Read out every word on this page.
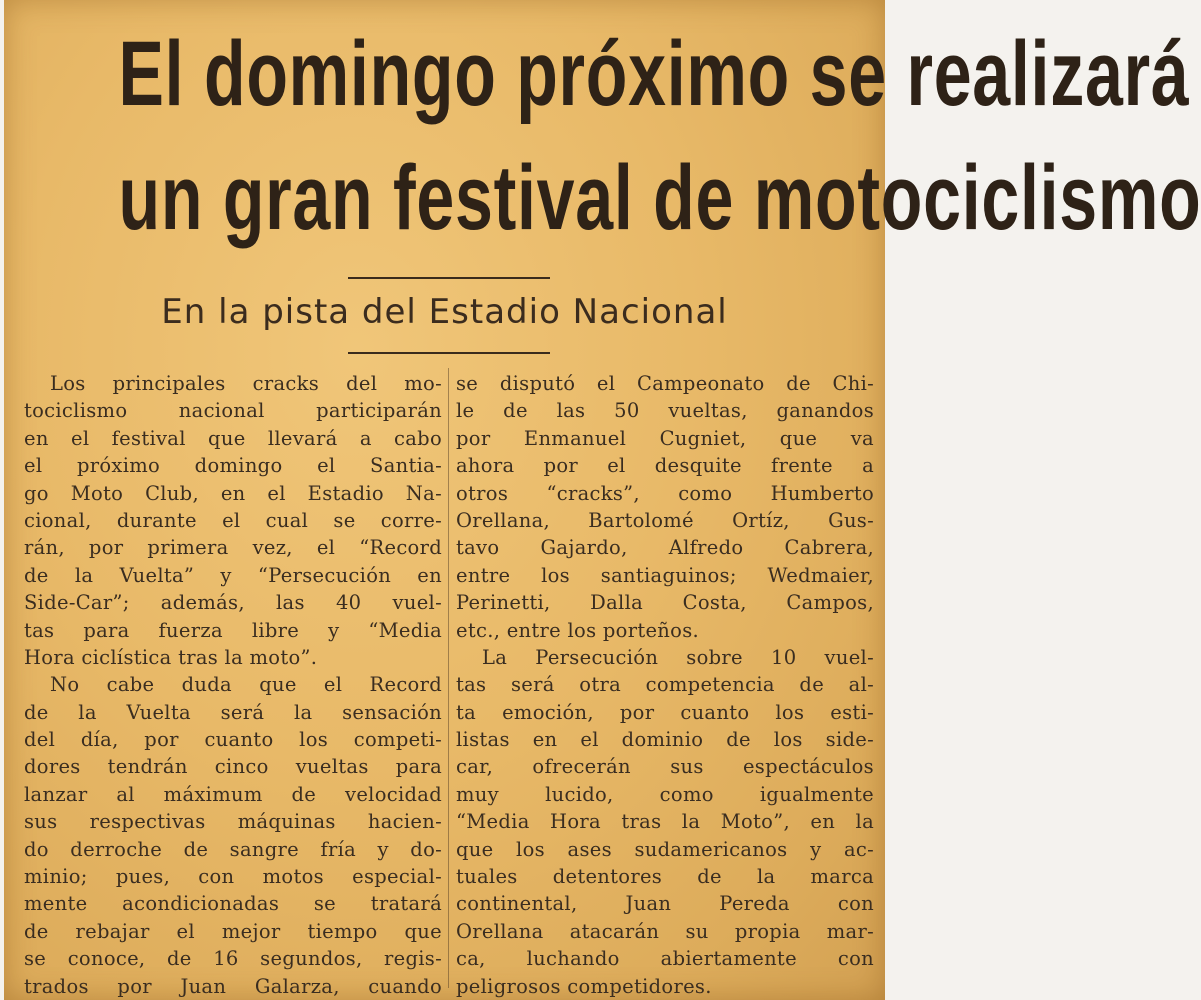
El domingo próximo se realizará
un gran festival de motociclismo
En la pista del Estadio Nacional
Los principales cracks del mo-
tociclismo nacional participarán
en el festival que llevará a cabo
el próximo domingo el Santia-
go Moto Club, en el Estadio Na-
cional, durante el cual se corre-
rán, por primera vez, el “Record
de la Vuelta” y “Persecución en
Side-Car”; además, las 40 vuel-
tas para fuerza libre y “Media
Hora ciclística tras la moto”.
No cabe duda que el Record
de la Vuelta será la sensación
del día, por cuanto los competi-
dores tendrán cinco vueltas para
lanzar al máximum de velocidad
sus respectivas máquinas hacien-
do derroche de sangre fría y do-
minio; pues, con motos especial-
mente acondicionadas se tratará
de rebajar el mejor tiempo que
se conoce, de 16 segundos, regis-
trados por Juan Galarza, cuando
se disputó el Campeonato de Chi-
le de las 50 vueltas, ganandos
por Enmanuel Cugniet, que va
ahora por el desquite frente a
otros “cracks”, como Humberto
Orellana, Bartolomé Ortíz, Gus-
tavo Gajardo, Alfredo Cabrera,
entre los santiaguinos; Wedmaier,
Perinetti, Dalla Costa, Campos,
etc., entre los porteños.
La Persecución sobre 10 vuel-
tas será otra competencia de al-
ta emoción, por cuanto los esti-
listas en el dominio de los side-
car, ofrecerán sus espectáculos
muy lucido, como igualmente
“Media Hora tras la Moto”, en la
que los ases sudamericanos y ac-
tuales detentores de la marca
continental, Juan Pereda con
Orellana atacarán su propia mar-
ca, luchando abiertamente con
peligrosos competidores.
